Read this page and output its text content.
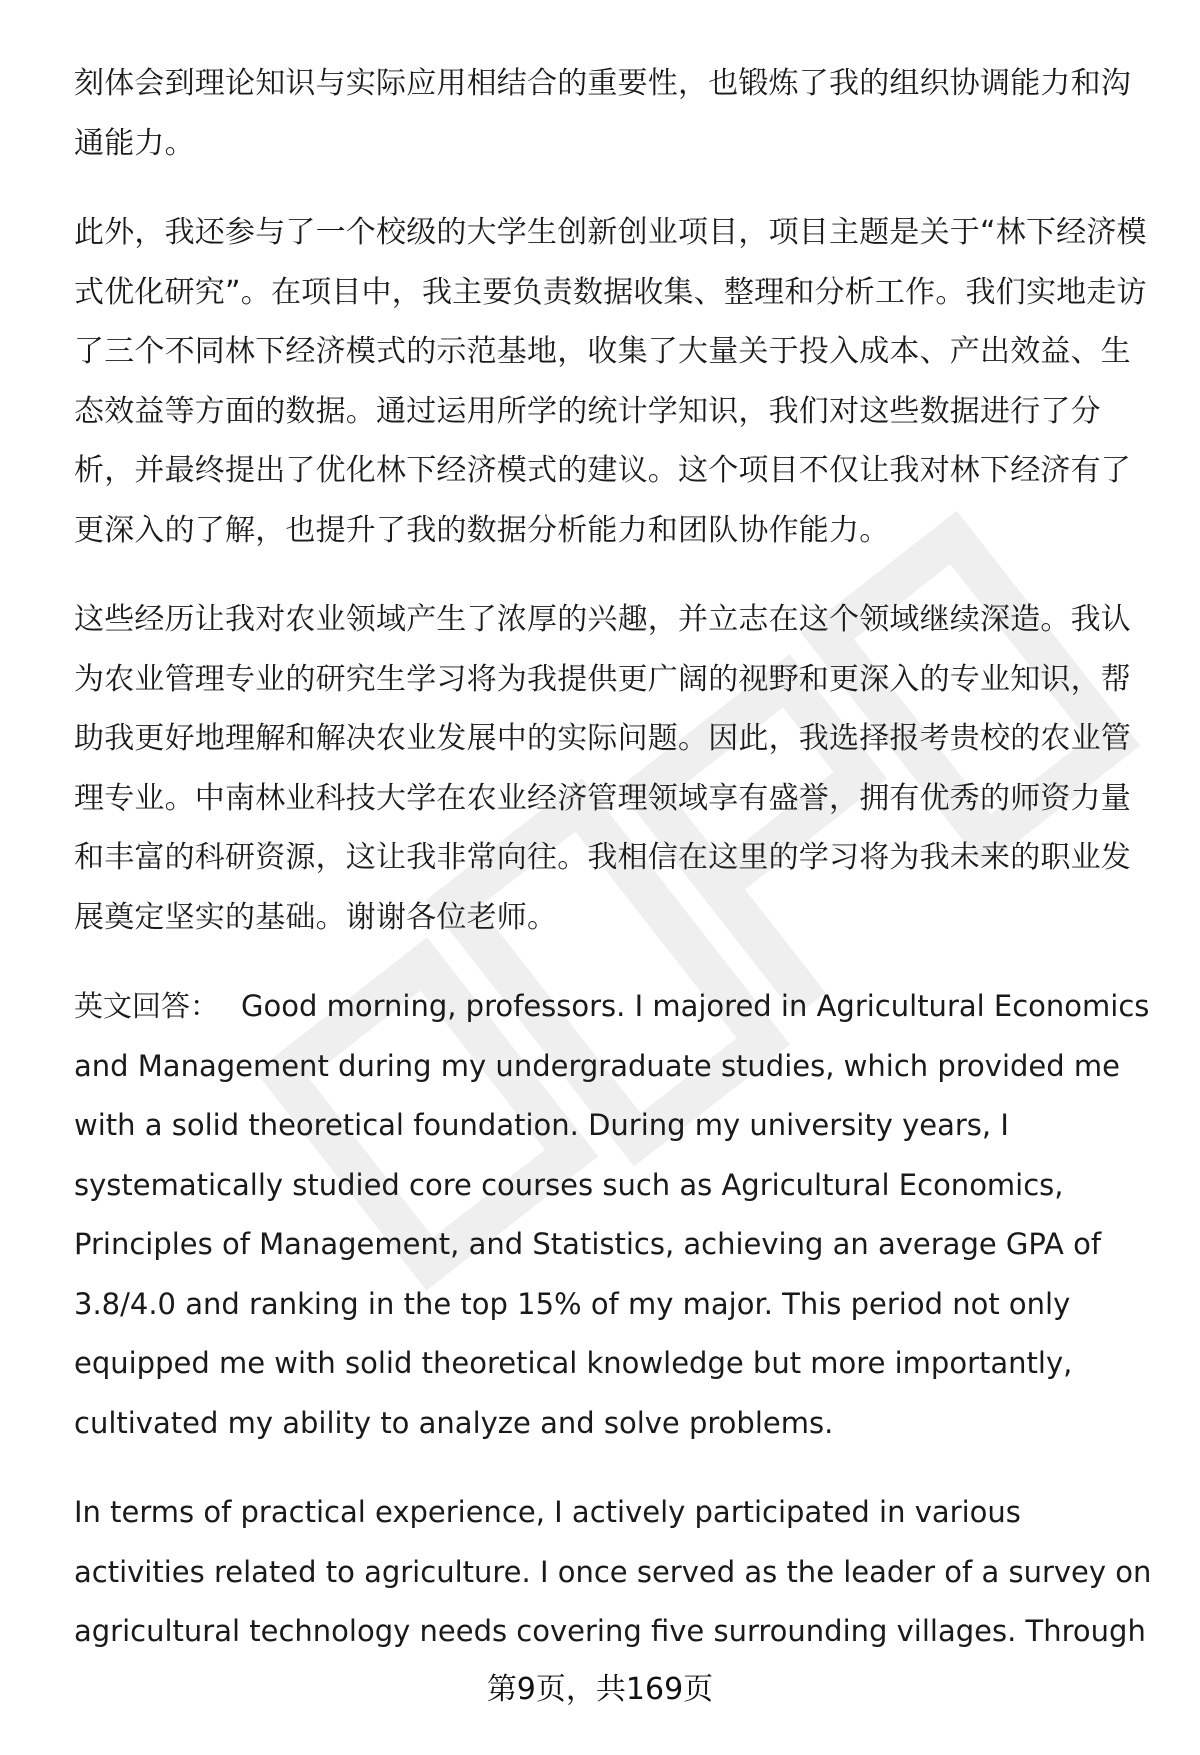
刻体会到理论知识与实际应用相结合的重要性，也锻炼了我的组织协调能力和沟通能力。

此外，我还参与了一个校级的大学生创新创业项目，项目主题是关于“林下经济模式优化研究”。在项目中，我主要负责数据收集、整理和分析工作。我们实地走访了三个不同林下经济模式的示范基地，收集了大量关于投入成本、产出效益、生态效益等方面的数据。通过运用所学的统计学知识，我们对这些数据进行了分析，并最终提出了优化林下经济模式的建议。这个项目不仅让我对林下经济有了更深入的了解，也提升了我的数据分析能力和团队协作能力。

这些经历让我对农业领域产生了浓厚的兴趣，并立志在这个领域继续深造。我认为农业管理专业的研究生学习将为我提供更广阔的视野和更深入的专业知识，帮助我更好地理解和解决农业发展中的实际问题。因此，我选择报考贵校的农业管理专业。中南林业科技大学在农业经济管理领域享有盛誉，拥有优秀的师资力量和丰富的科研资源，这让我非常向往。我相信在这里的学习将为我未来的职业发展奠定坚实的基础。谢谢各位老师。

英文回答： Good morning, professors. I majored in Agricultural Economics and Management during my undergraduate studies, which provided me with a solid theoretical foundation. During my university years, I systematically studied core courses such as Agricultural Economics, Principles of Management, and Statistics, achieving an average GPA of 3.8/4.0 and ranking in the top 15% of my major. This period not only equipped me with solid theoretical knowledge but more importantly, cultivated my ability to analyze and solve problems.

In terms of practical experience, I actively participated in various activities related to agriculture. I once served as the leader of a survey on agricultural technology needs covering five surrounding villages. Through

第9页，共169页
